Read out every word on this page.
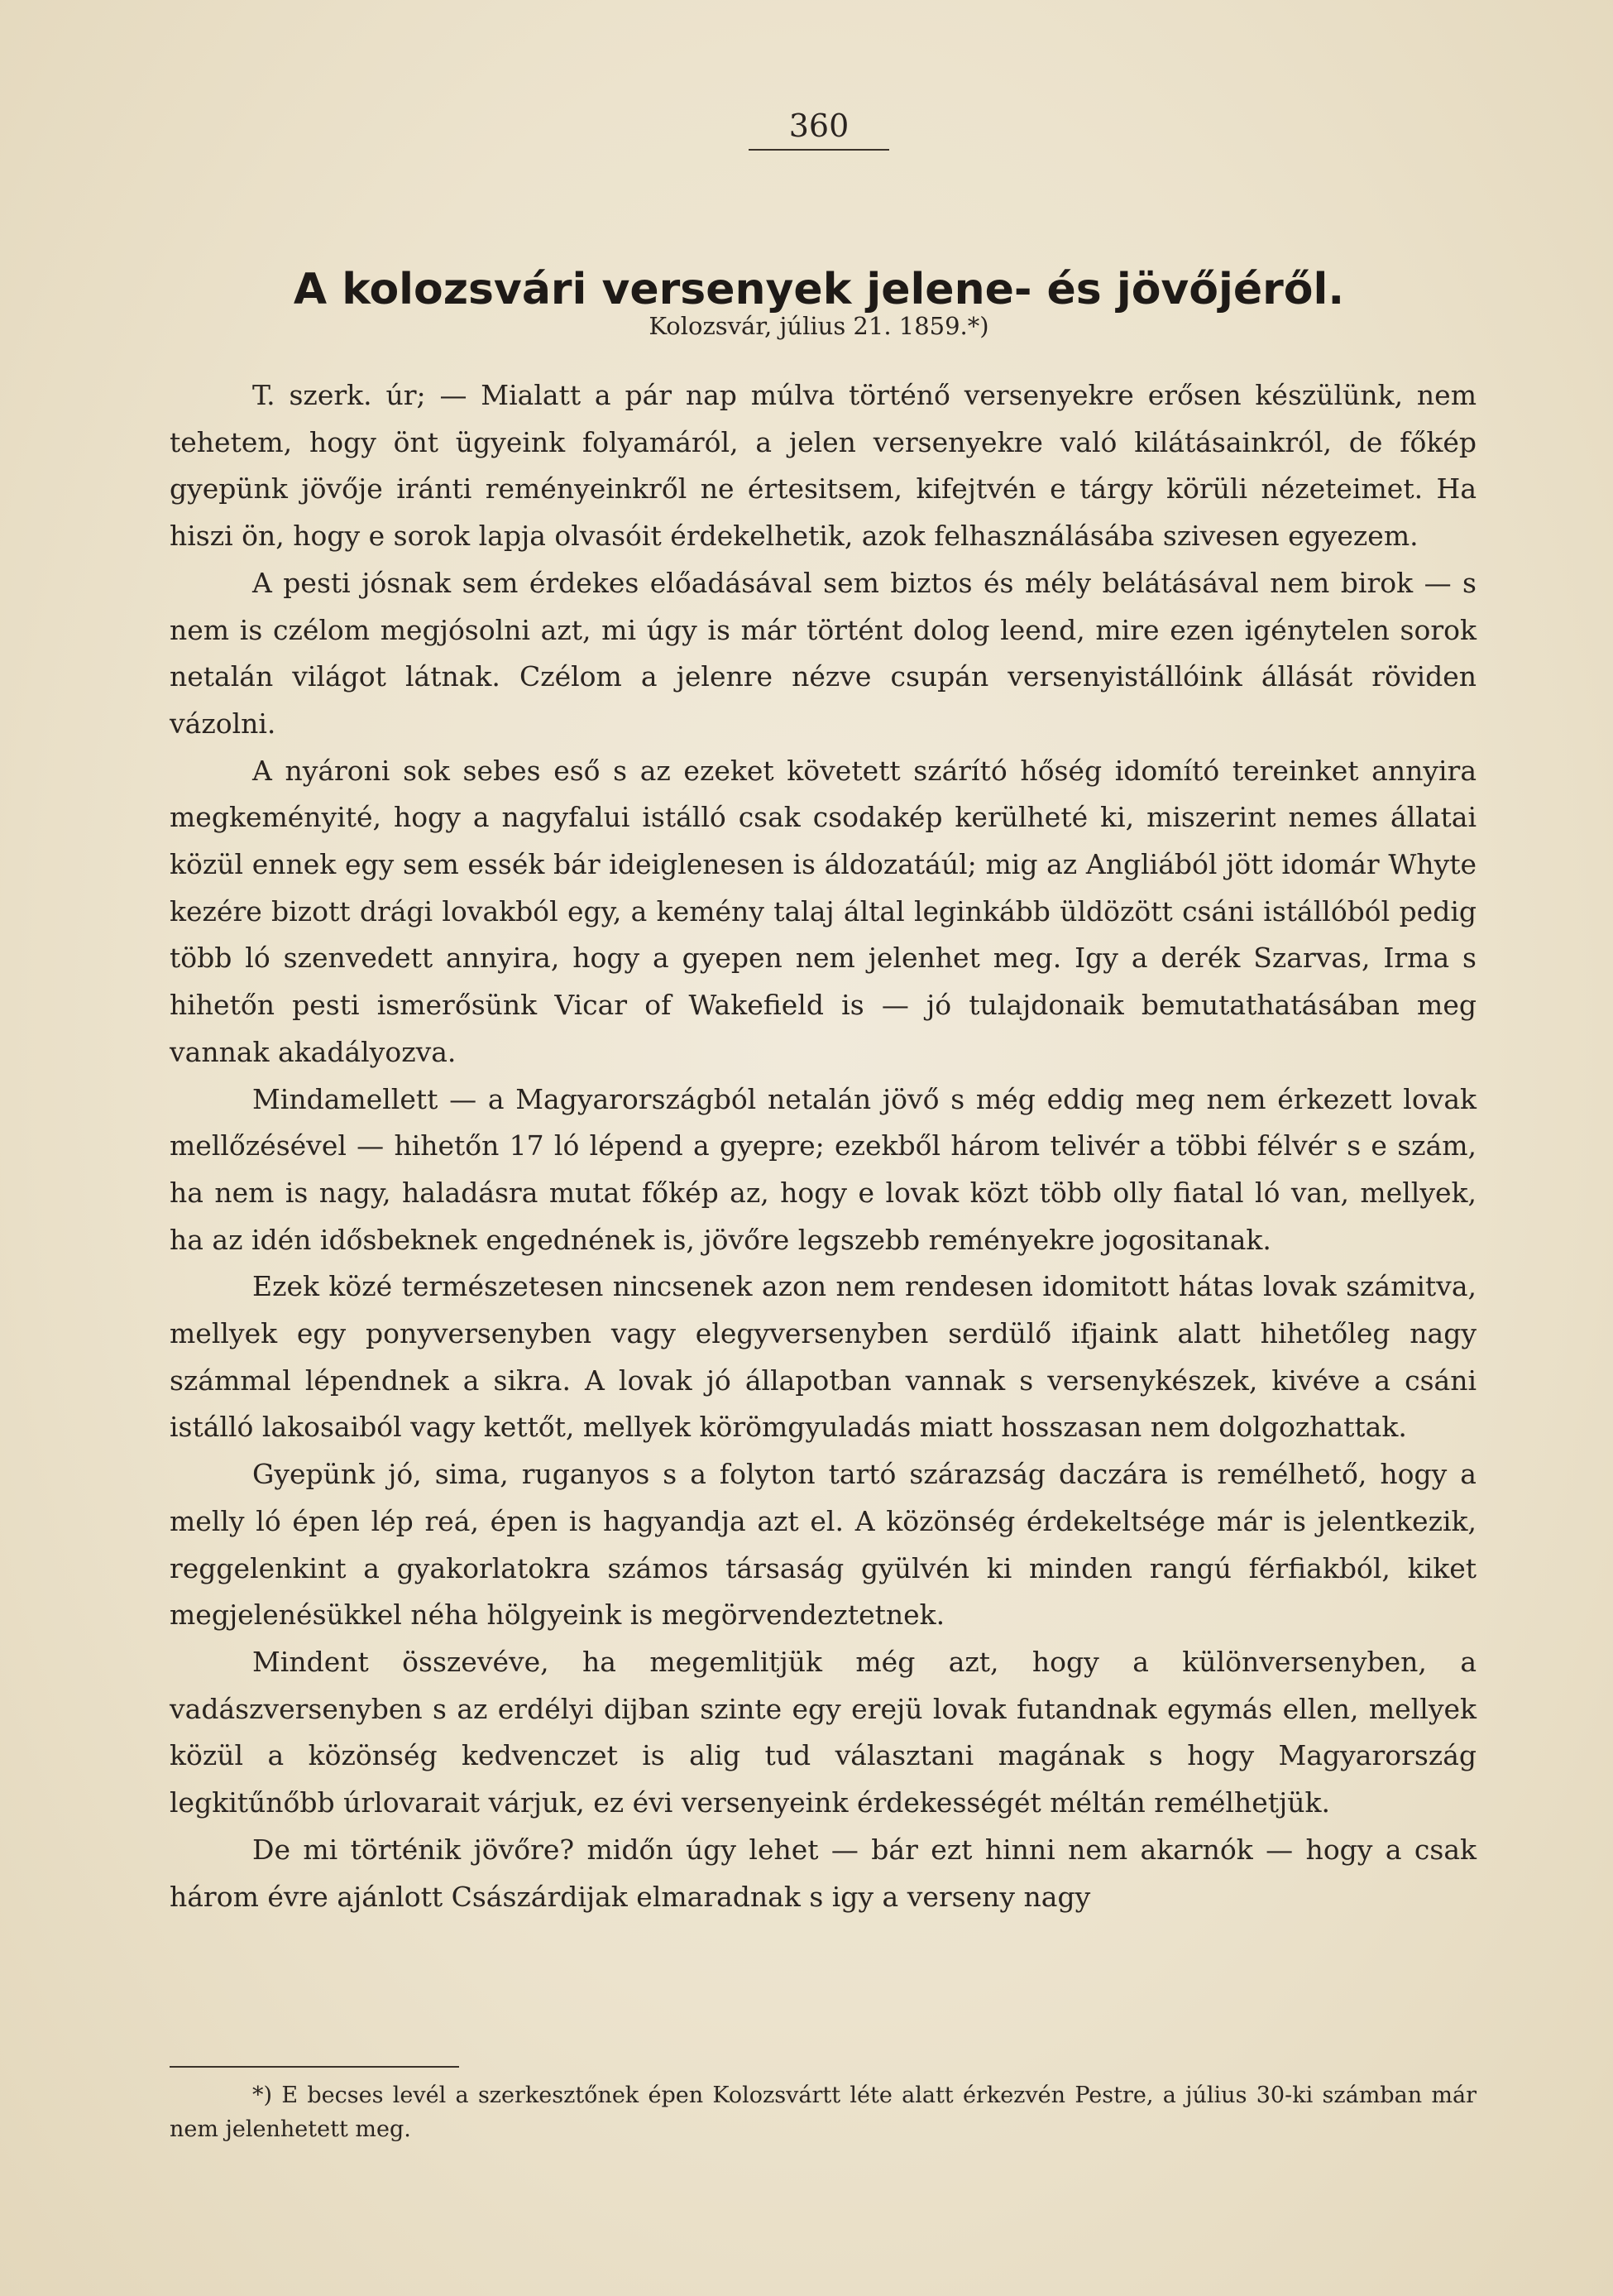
360
A kolozsvári versenyek jelene- és jövőjéről.
Kolozsvár, július 21. 1859.*)

T. szerk. úr; — Mialatt a pár nap múlva történő versenyekre erősen készülünk, nem tehetem, hogy önt ügyeink folyamáról, a jelen versenyekre való kilátásainkról, de főkép gyepünk jövője iránti reményeinkről ne értesitsem, kifejtvén e tárgy körüli nézeteimet. Ha hiszi ön, hogy e sorok lapja olvasóit érdekelhetik, azok felhasználásába szivesen egyezem.

A pesti jósnak sem érdekes előadásával sem biztos és mély belátásával nem birok — s nem is czélom megjósolni azt, mi úgy is már történt dolog leend, mire ezen igénytelen sorok netalán világot látnak. Czélom a jelenre nézve csupán versenyistállóink állását röviden vázolni.

A nyároni sok sebes eső s az ezeket követett szárító hőség idomító tereinket annyira megkeményité, hogy a nagyfalui istálló csak csodakép kerülheté ki, miszerint nemes állatai közül ennek egy sem essék bár ideiglenesen is áldozatáúl; mig az Angliából jött idomár Whyte kezére bizott drági lovakból egy, a kemény talaj által leginkább üldözött csáni istállóból pedig több ló szenvedett annyira, hogy a gyepen nem jelenhet meg. Igy a derék Szarvas, Irma s hihetőn pesti ismerősünk Vicar of Wakefield is — jó tulajdonaik bemutathatásában meg vannak akadályozva.

Mindamellett — a Magyarországból netalán jövő s még eddig meg nem érkezett lovak mellőzésével — hihetőn 17 ló lépend a gyepre; ezekből három telivér a többi félvér s e szám, ha nem is nagy, haladásra mutat főkép az, hogy e lovak közt több olly fiatal ló van, mellyek, ha az idén idősbeknek engednének is, jövőre legszebb reményekre jogositanak.

Ezek közé természetesen nincsenek azon nem rendesen idomitott hátas lovak számitva, mellyek egy ponyversenyben vagy elegyversenyben serdülő ifjaink alatt hihetőleg nagy számmal lépendnek a sikra. A lovak jó állapotban vannak s versenykészek, kivéve a csáni istálló lakosaiból vagy kettőt, mellyek körömgyuladás miatt hosszasan nem dolgozhattak.

Gyepünk jó, sima, ruganyos s a folyton tartó szárazság daczára is remélhető, hogy a melly ló épen lép reá, épen is hagyandja azt el. A közönség érdekeltsége már is jelentkezik, reggelenkint a gyakorlatokra számos társaság gyülvén ki minden rangú férfiakból, kiket megjelenésükkel néha hölgyeink is megörvendeztetnek.

Mindent összevéve, ha megemlitjük még azt, hogy a különversenyben, a vadászversenyben s az erdélyi dijban szinte egy erejü lovak futandnak egymás ellen, mellyek közül a közönség kedvenczet is alig tud választani magának s hogy Magyarország legkitűnőbb úrlovarait várjuk, ez évi versenyeink érdekességét méltán remélhetjük.

De mi történik jövőre? midőn úgy lehet — bár ezt hinni nem akarnók — hogy a csak három évre ajánlott Császárdijak elmaradnak s igy a verseny nagy

*) E becses levél a szerkesztőnek épen Kolozsvártt léte alatt érkezvén Pestre, a július 30-ki számban már nem jelenhetett meg.
